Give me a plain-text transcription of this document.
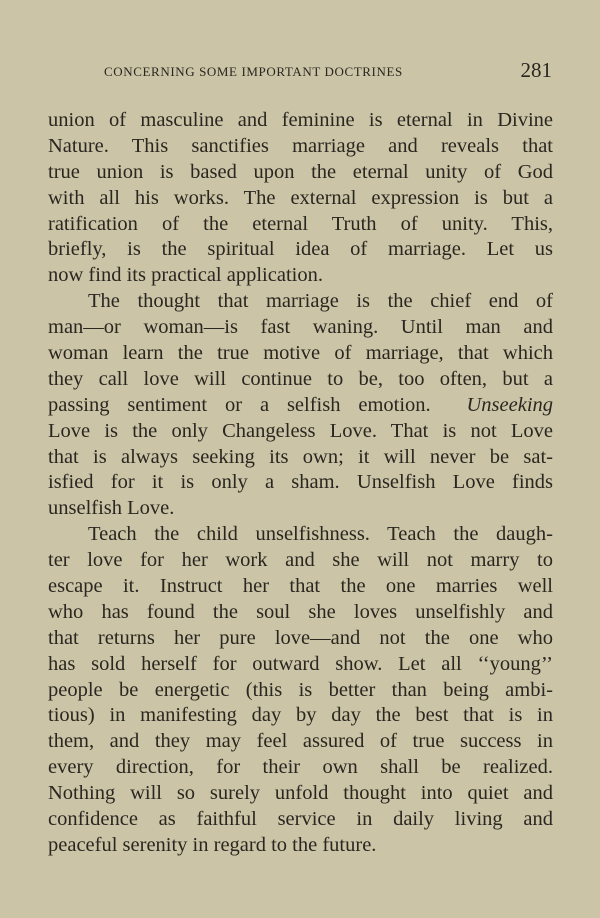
CONCERNING SOME IMPORTANT DOCTRINES	281
union of masculine and feminine is eternal in Divine
Nature. This sanctifies marriage and reveals that
true union is based upon the eternal unity of God
with all his works. The external expression is but a
ratification of the eternal Truth of unity. This,
briefly, is the spiritual idea of marriage. Let us
now find its practical application.
The thought that marriage is the chief end of
man—or woman—is fast waning. Until man and
woman learn the true motive of marriage, that which
they call love will continue to be, too often, but a
passing sentiment or a selfish emotion. Unseeking
Love is the only Changeless Love. That is not Love
that is always seeking its own; it will never be sat-
isfied for it is only a sham. Unselfish Love finds
unselfish Love.
Teach the child unselfishness. Teach the daugh-
ter love for her work and she will not marry to
escape it. Instruct her that the one marries well
who has found the soul she loves unselfishly and
that returns her pure love—and not the one who
has sold herself for outward show. Let all ‘‘young’’
people be energetic (this is better than being ambi-
tious) in manifesting day by day the best that is in
them, and they may feel assured of true success in
every direction, for their own shall be realized.
Nothing will so surely unfold thought into quiet and
confidence as faithful service in daily living and
peaceful serenity in regard to the future.
